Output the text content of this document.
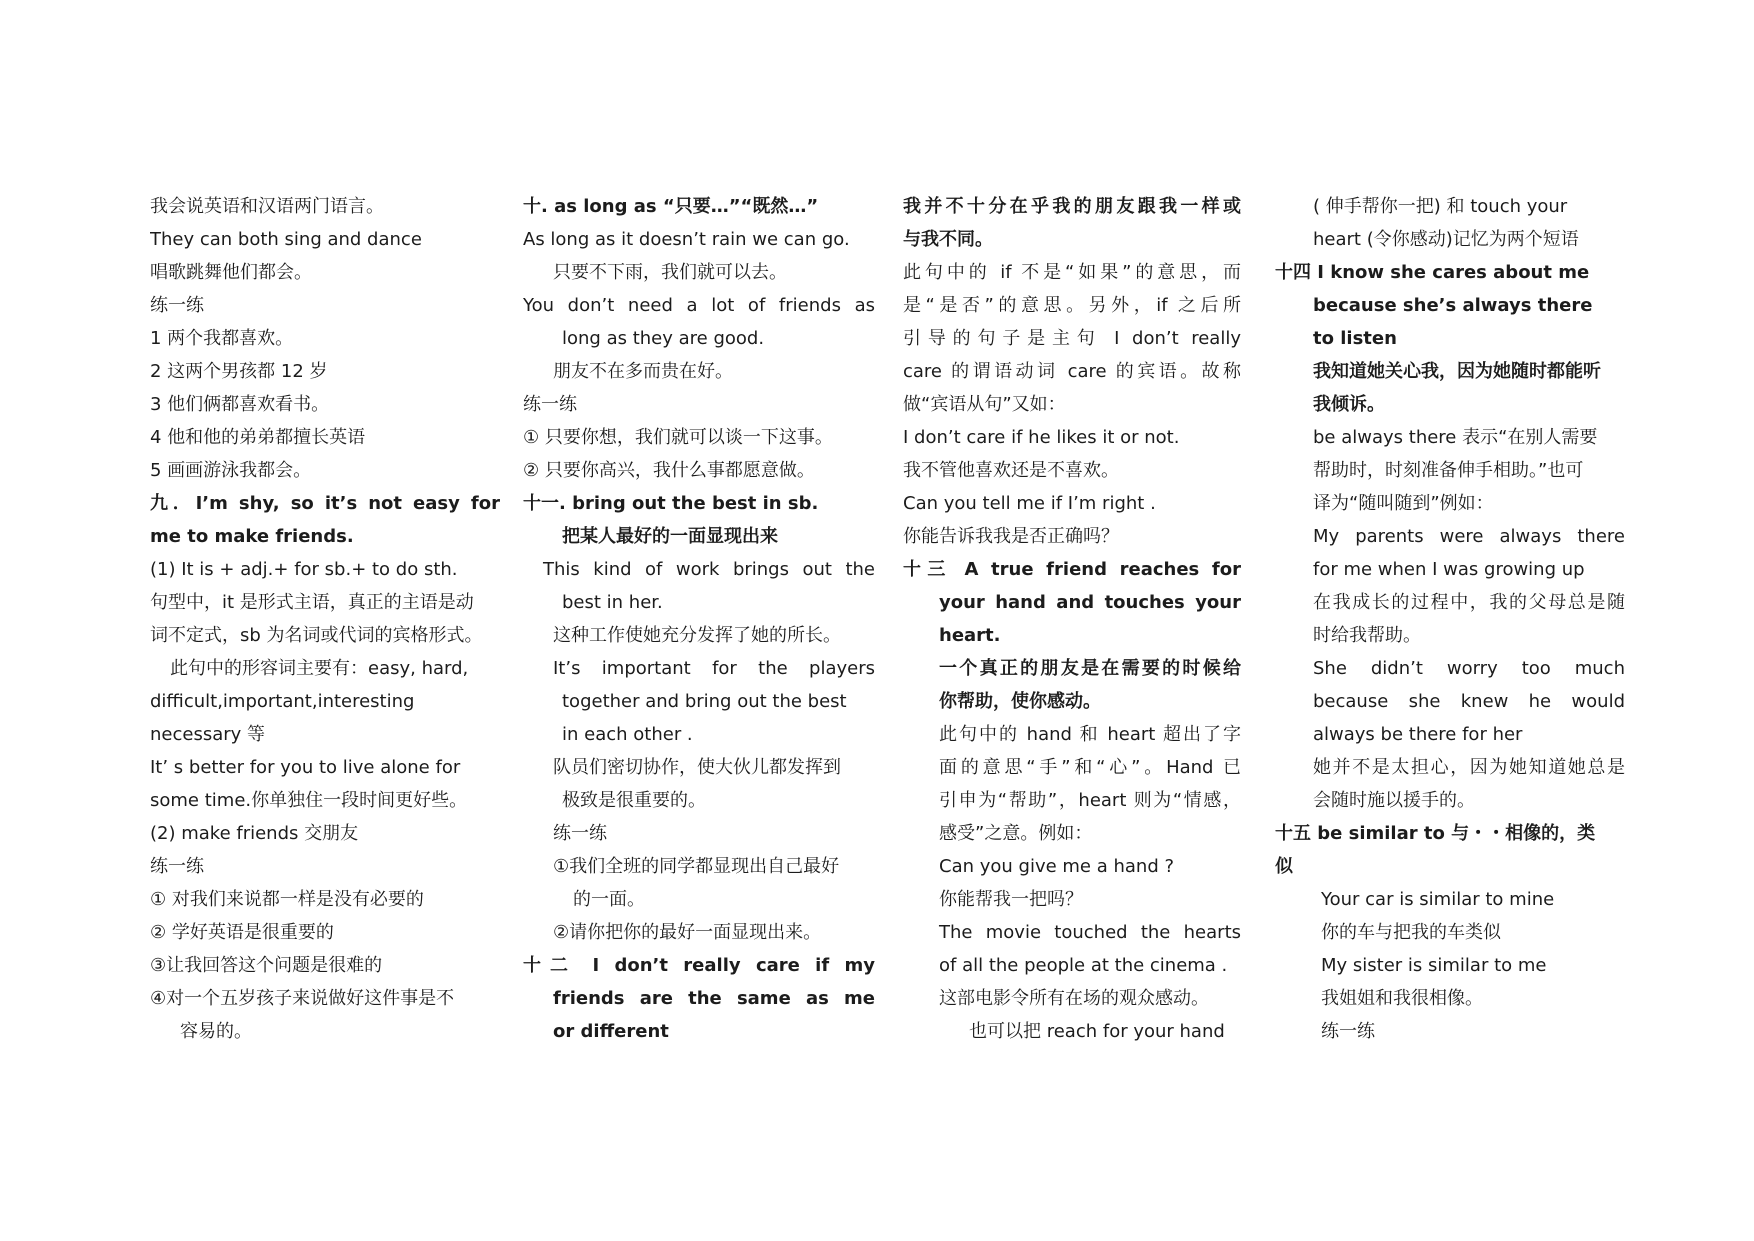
我会说英语和汉语两门语言。
They can both sing and dance
唱歌跳舞他们都会。
练一练
1 两个我都喜欢。
2 这两个男孩都 12 岁
3 他们俩都喜欢看书。
4 他和他的弟弟都擅长英语
5 画画游泳我都会。
九．I’m shy, so it’s not easy for
me to make friends.
(1) It is + adj.+ for sb.+ to do sth.
句型中，it 是形式主语，真正的主语是动
词不定式，sb 为名词或代词的宾格形式。
此句中的形容词主要有：easy, hard,
difficult,important,interesting
necessary 等
It’ s better for you to live alone for
some time.你单独住一段时间更好些。
(2) make friends 交朋友
练一练
① 对我们来说都一样是没有必要的
② 学好英语是很重要的
③让我回答这个问题是很难的
④对一个五岁孩子来说做好这件事是不
容易的。
十. as long as “只要…”“既然…”
As long as it doesn’t rain we can go.
只要不下雨，我们就可以去。
You don’t need a lot of friends as
long as they are good.
朋友不在多而贵在好。
练一练
① 只要你想，我们就可以谈一下这事。
② 只要你高兴，我什么事都愿意做。
十一. bring out the best in sb.
把某人最好的一面显现出来
This kind of work brings out the
best in her.
这种工作使她充分发挥了她的所长。
It’s important for the players
together and bring out the best
in each other .
队员们密切协作，使大伙儿都发挥到
极致是很重要的。
练一练
①我们全班的同学都显现出自己最好
的一面。
②请你把你的最好一面显现出来。
十二 I don’t really care if my
friends are the same as me
or different
我并不十分在乎我的朋友跟我一样或
与我不同。
此句中的 if 不是“如果”的意思，而
是“是否”的意思。另外，if 之后所
引导的句子是主句 I don’t really
care 的谓语动词 care 的宾语。故称
做“宾语从句”又如：
I don’t care if he likes it or not.
我不管他喜欢还是不喜欢。
Can you tell me if I’m right .
你能告诉我我是否正确吗？
十三 A true friend reaches for
your hand and touches your
heart.
一个真正的朋友是在需要的时候给
你帮助，使你感动。
此句中的 hand 和 heart 超出了字
面的意思“手”和“心”。Hand 已
引申为“帮助”，heart 则为“情感，
感受”之意。例如：
Can you give me a hand ?
你能帮我一把吗？
The movie touched the hearts
of all the people at the cinema .
这部电影令所有在场的观众感动。
也可以把 reach for your hand
( 伸手帮你一把) 和 touch your
heart (令你感动)记忆为两个短语
十四 I know she cares about me
because she’s always there
to listen
我知道她关心我，因为她随时都能听
我倾诉。
be always there 表示“在别人需要
帮助时，时刻准备伸手相助。”也可
译为“随叫随到”例如：
My parents were always there
for me when I was growing up
在我成长的过程中，我的父母总是随
时给我帮助。
She didn’t worry too much
because she knew he would
always be there for her
她并不是太担心，因为她知道她总是
会随时施以援手的。
十五 be similar to 与・・相像的，类
似
Your car is similar to mine
你的车与把我的车类似
My sister is similar to me
我姐姐和我很相像。
练一练
